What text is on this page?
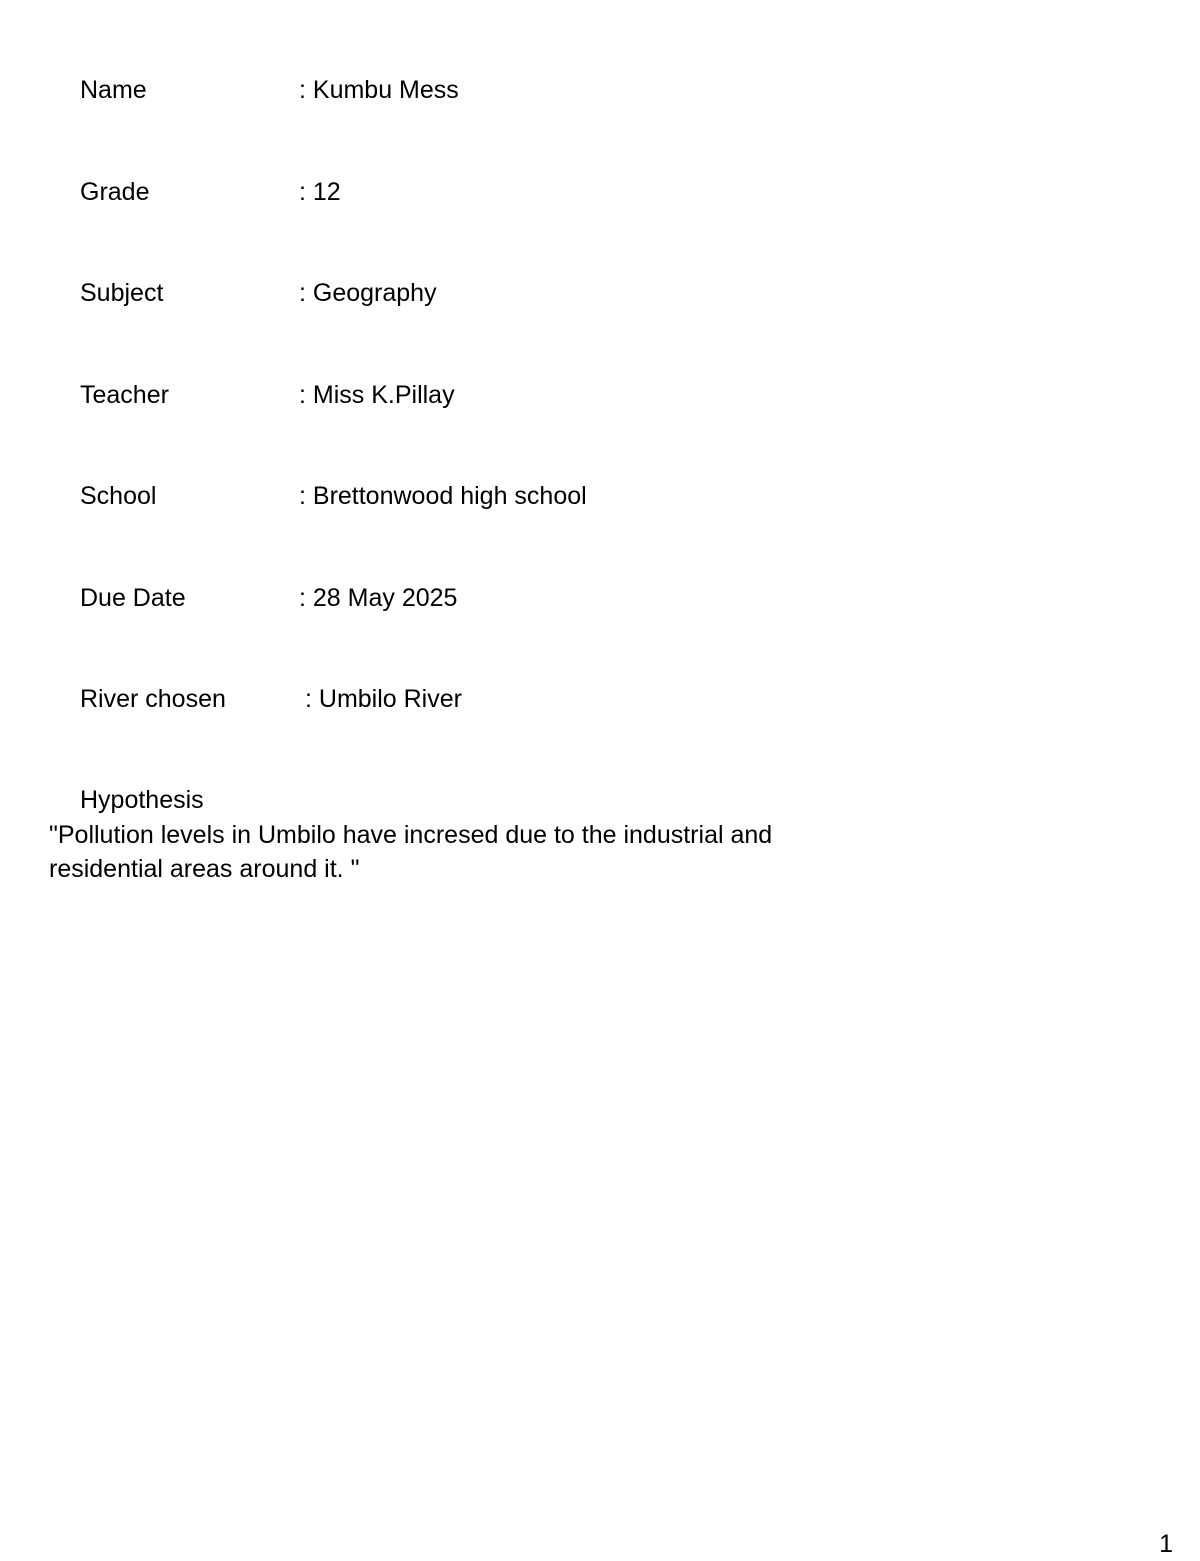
Name	: Kumbu Mess
Grade	: 12
Subject	: Geography
Teacher	: Miss K.Pillay
School	: Brettonwood high school
Due Date	: 28 May 2025
River chosen	: Umbilo River
Hypothesis
"Pollution levels in Umbilo have incresed due to the industrial and residential areas around it. "
1
